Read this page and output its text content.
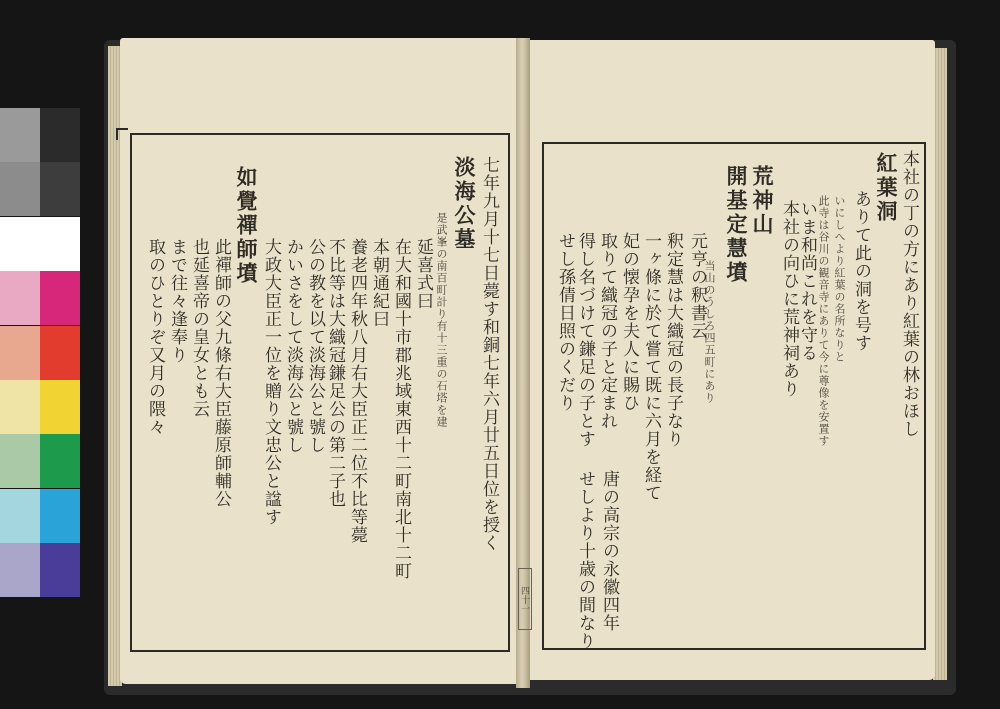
四十一
紅葉洞 本社の丁の方にあり紅葉の林おほし
ありて此の洞を号す
いにしへより紅葉の名所なりと
此寺は谷川の観音寺にありて今に尊像を安置す
いま和尚これを守る
本社の向ひに荒神祠あり
荒神山
開基定慧墳
当山のうしろ四五町にあり
元亨の釈書云
釈定慧は大織冠の長子なり
一ヶ條に於て嘗て既に六月を経て
妃の懐孕を夫人に賜ひ
取りて織冠の子と定まれ
得し名づけて鎌足の子とす
せし孫倩日照のくだり
唐の高宗の永徽四年
せしより十歳の間なり
七年九月十七日薨す和銅七年六月廿五日位を授く
淡海公墓
是武峯の南百町計り有十三重の石塔を建
延喜式曰
在大和國十市郡兆域東西十二町南北十二町
本朝通紀曰
養老四年秋八月右大臣正二位不比等薨
不比等は大織冠鎌足公の第二子也
公の教を以て淡海公と號し
かいさをして淡海公と號し
大政大臣正一位を贈り文忠公と諡す
如覺禪師墳
此禪師の父九條右大臣藤原師輔公
也延喜帝の皇女とも云
まで往々逢奉り
取のひとりぞ又月の隈々
